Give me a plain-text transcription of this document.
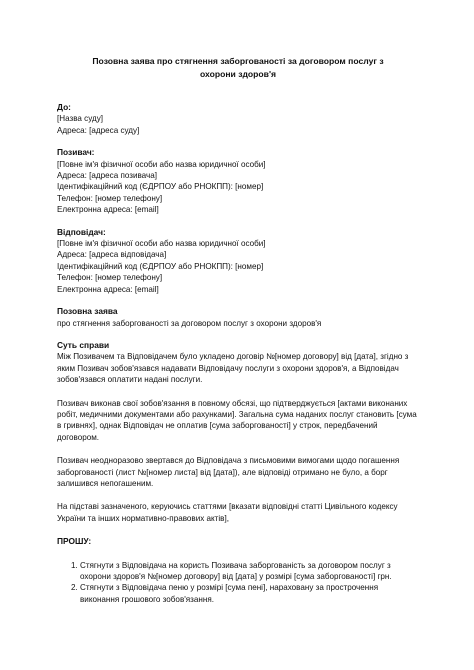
Позовна заява про стягнення заборгованості за договором послуг з
охорони здоров'я

До:

[Назва суду]

Адреса: [адреса суду]

Позивач:

[Повне ім'я фізичної особи або назва юридичної особи]

Адреса: [адреса позивача]

Ідентифікаційний код (ЄДРПОУ або РНОКПП): [номер]

Телефон: [номер телефону]

Електронна адреса: [email]

Відповідач:

[Повне ім'я фізичної особи або назва юридичної особи]

Адреса: [адреса відповідача]

Ідентифікаційний код (ЄДРПОУ або РНОКПП): [номер]

Телефон: [номер телефону]

Електронна адреса: [email]

Позовна заява

про стягнення заборгованості за договором послуг з охорони здоров'я

Суть справи

Між Позивачем та Відповідачем було укладено договір №[номер договору] від [дата], згідно з яким Позивач зобов'язався надавати Відповідачу послуги з охорони здоров'я, а Відповідач зобов'язався оплатити надані послуги.

Позивач виконав свої зобов'язання в повному обсязі, що підтверджується [актами виконаних робіт, медичними документами або рахунками]. Загальна сума наданих послуг становить [сума в гривнях], однак Відповідач не оплатив [сума заборгованості] у строк, передбачений договором.

Позивач неодноразово звертався до Відповідача з письмовими вимогами щодо погашення заборгованості (лист №[номер листа] від [дата]), але відповіді отримано не було, а борг залишився непогашеним.

На підставі зазначеного, керуючись статтями [вказати відповідні статті Цивільного кодексу України та інших нормативно-правових актів],

ПРОШУ:

1. Стягнути з Відповідача на користь Позивача заборгованість за договором послуг з охорони здоров'я №[номер договору] від [дата] у розмірі [сума заборгованості] грн.
2. Стягнути з Відповідача пеню у розмірі [сума пені], нараховану за прострочення виконання грошового зобов'язання.
